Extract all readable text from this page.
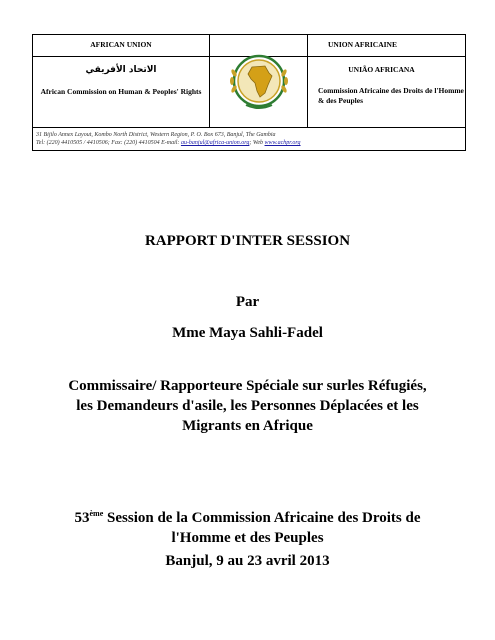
AFRICAN UNION	UNION AFRICAINE
الاتحاد الأفريقي
African Commission on Human & Peoples' Rights
UNIÃO AFRICANA
Commission Africaine des Droits de l'Homme & des Peuples
31 Bijilo Annex Layout, Kombo North District, Western Region, P. O. Box 673, Banjul, The Gambia
Tel: (220) 4410505 / 4410506; Fax: (220) 4410504 E-mail: au-banjul@africa-union.org; Web www.achpr.org
RAPPORT D'INTER SESSION
Par
Mme Maya Sahli-Fadel
Commissaire/ Rapporteure Spéciale sur surles Réfugiés,
les Demandeurs d'asile, les Personnes Déplacées et les
Migrants en Afrique
53ème Session de la Commission Africaine des Droits de
l'Homme et des Peuples
Banjul, 9 au 23 avril 2013
